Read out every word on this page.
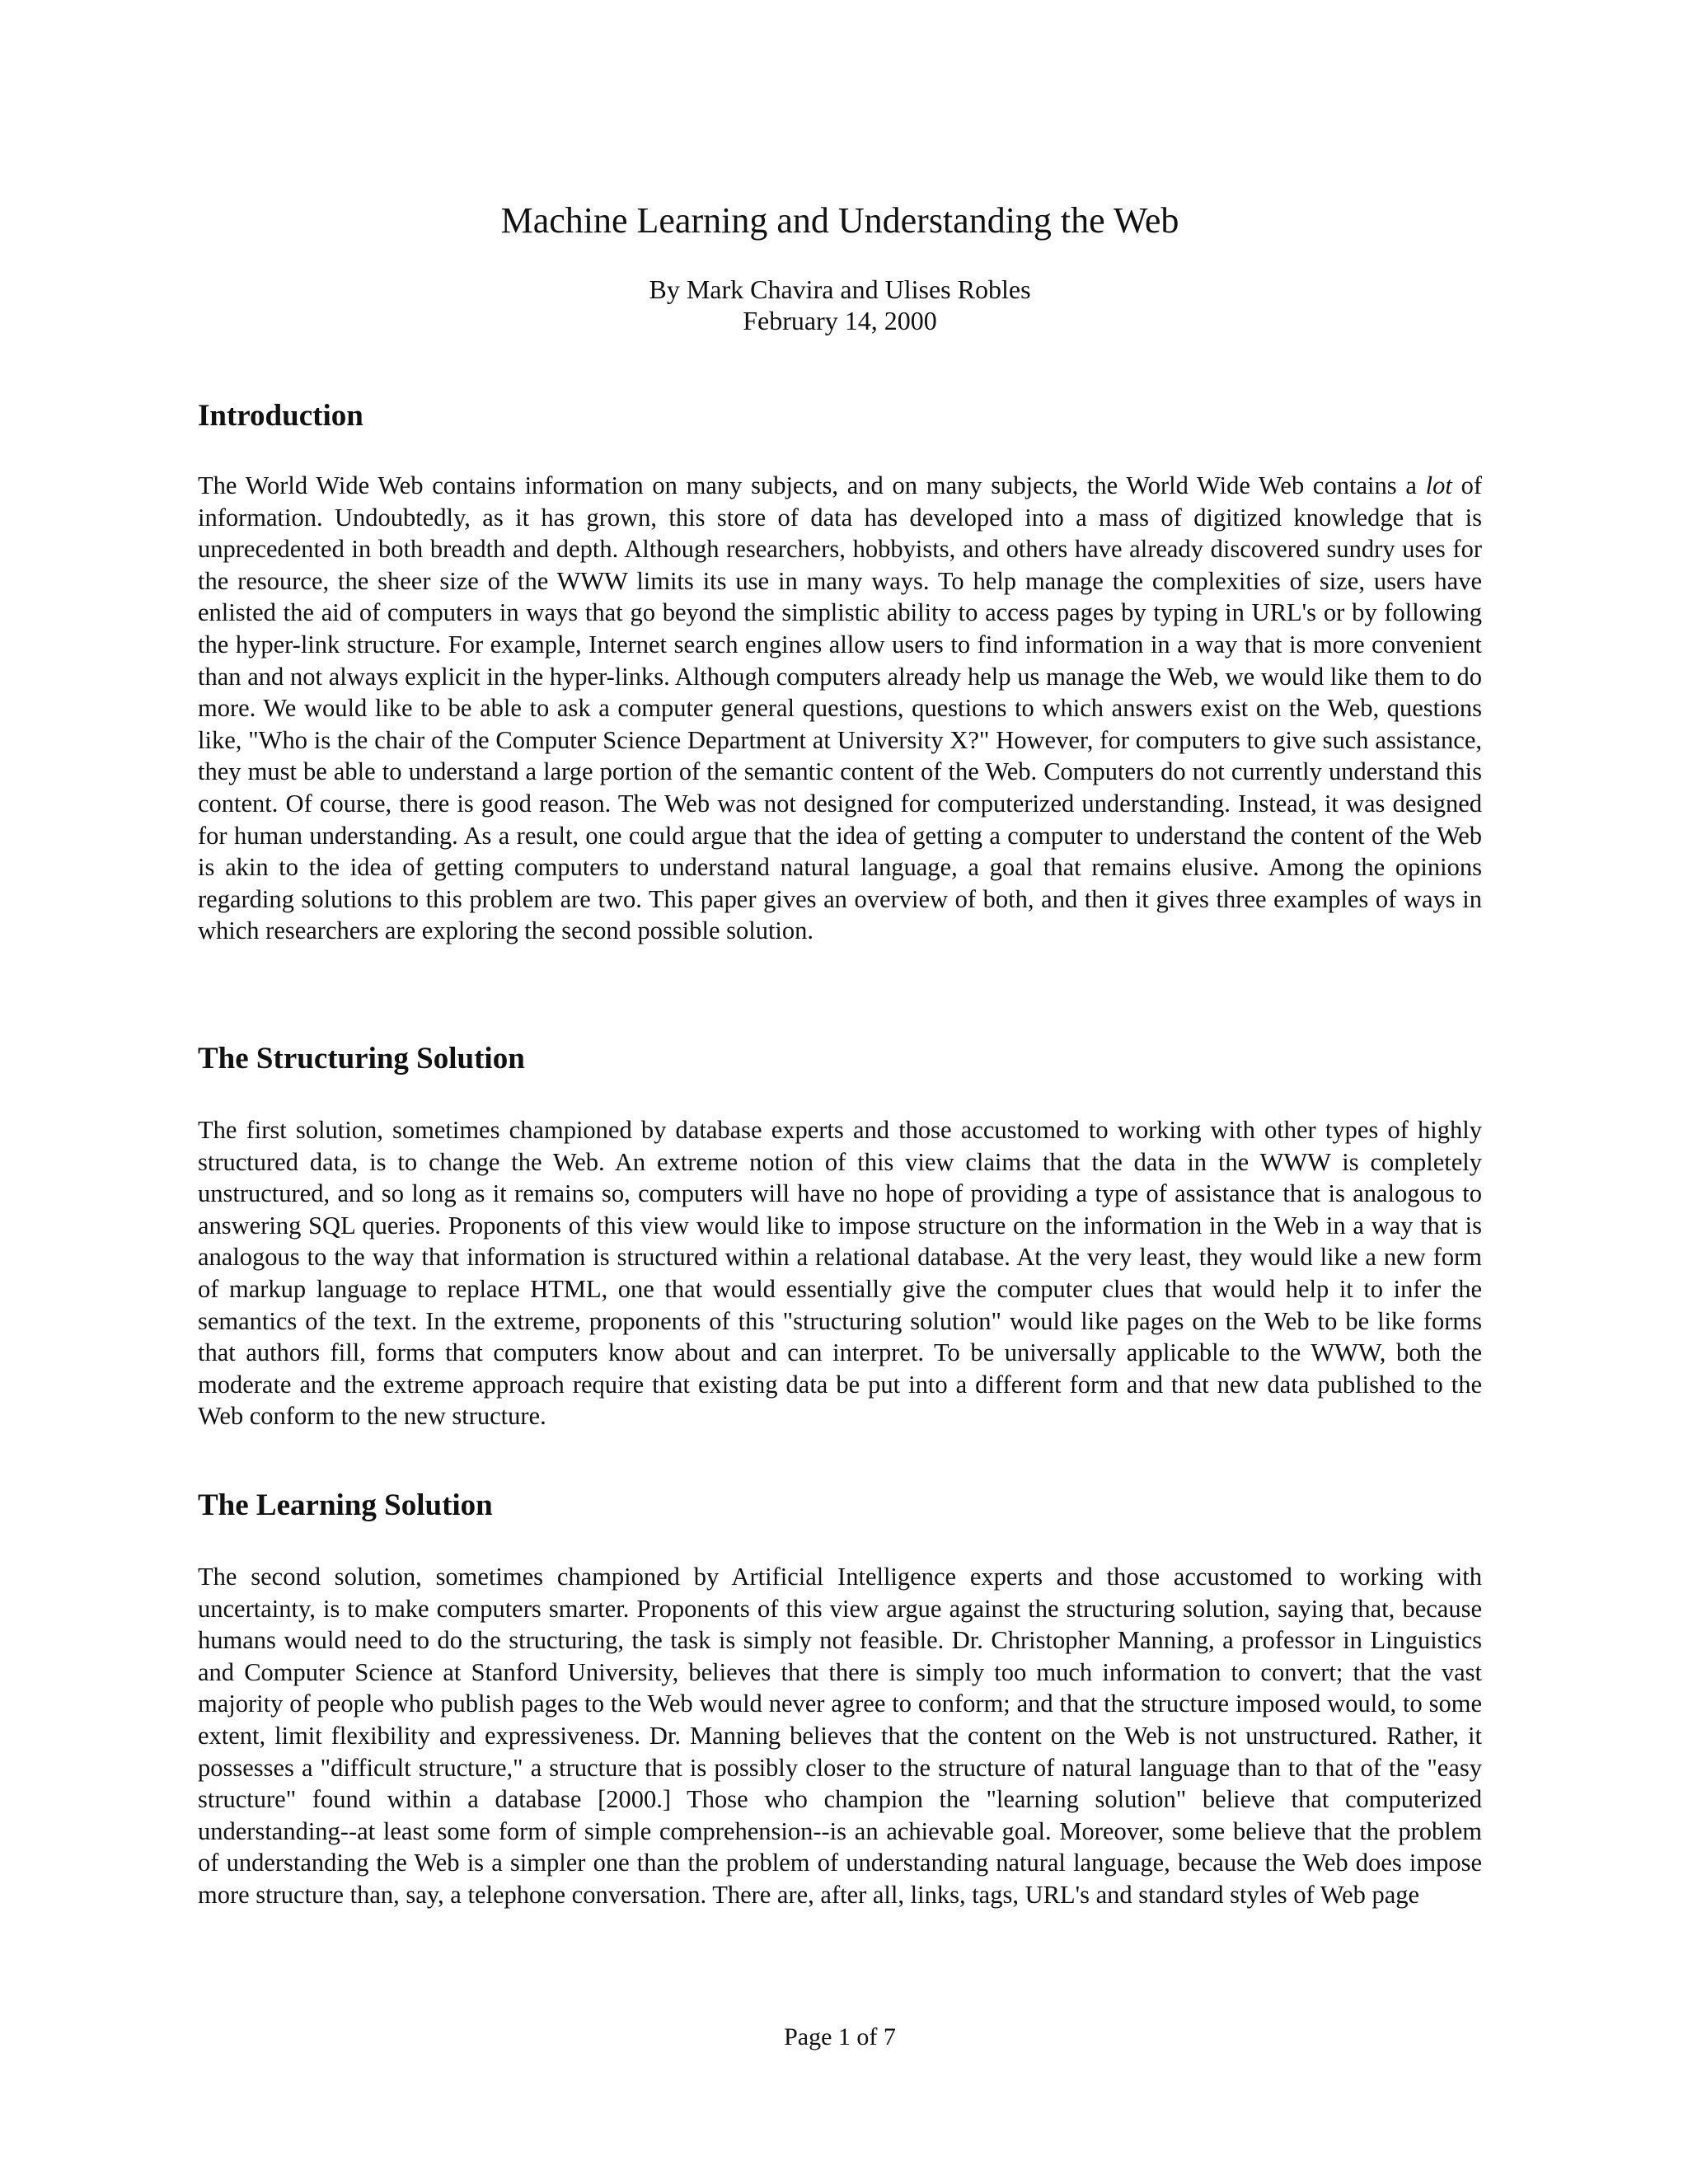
Machine Learning and Understanding the Web
By Mark Chavira and Ulises Robles
February 14, 2000
Introduction

The World Wide Web contains information on many subjects, and on many subjects, the World Wide Web contains a lot of information. Undoubtedly, as it has grown, this store of data has developed into a mass of digitized knowledge that is unprecedented in both breadth and depth. Although researchers, hobbyists, and others have already discovered sundry uses for the resource, the sheer size of the WWW limits its use in many ways. To help manage the complexities of size, users have enlisted the aid of computers in ways that go beyond the simplistic ability to access pages by typing in URL's or by following the hyper-link structure. For example, Internet search engines allow users to find information in a way that is more convenient than and not always explicit in the hyper-links. Although computers already help us manage the Web, we would like them to do more. We would like to be able to ask a computer general questions, questions to which answers exist on the Web, questions like, "Who is the chair of the Computer Science Department at University X?" However, for computers to give such assistance, they must be able to understand a large portion of the semantic content of the Web. Computers do not currently understand this content. Of course, there is good reason. The Web was not designed for computerized understanding. Instead, it was designed for human understanding. As a result, one could argue that the idea of getting a computer to understand the content of the Web is akin to the idea of getting computers to understand natural language, a goal that remains elusive. Among the opinions regarding solutions to this problem are two. This paper gives an overview of both, and then it gives three examples of ways in which researchers are exploring the second possible solution.

The Structuring Solution

The first solution, sometimes championed by database experts and those accustomed to working with other types of highly structured data, is to change the Web. An extreme notion of this view claims that the data in the WWW is completely unstructured, and so long as it remains so, computers will have no hope of providing a type of assistance that is analogous to answering SQL queries. Proponents of this view would like to impose structure on the information in the Web in a way that is analogous to the way that information is structured within a relational database. At the very least, they would like a new form of markup language to replace HTML, one that would essentially give the computer clues that would help it to infer the semantics of the text. In the extreme, proponents of this "structuring solution" would like pages on the Web to be like forms that authors fill, forms that computers know about and can interpret. To be universally applicable to the WWW, both the moderate and the extreme approach require that existing data be put into a different form and that new data published to the Web conform to the new structure.

The Learning Solution

The second solution, sometimes championed by Artificial Intelligence experts and those accustomed to working with uncertainty, is to make computers smarter. Proponents of this view argue against the structuring solution, saying that, because humans would need to do the structuring, the task is simply not feasible. Dr. Christopher Manning, a professor in Linguistics and Computer Science at Stanford University, believes that there is simply too much information to convert; that the vast majority of people who publish pages to the Web would never agree to conform; and that the structure imposed would, to some extent, limit flexibility and expressiveness. Dr. Manning believes that the content on the Web is not unstructured. Rather, it possesses a "difficult structure," a structure that is possibly closer to the structure of natural language than to that of the "easy structure" found within a database [2000.] Those who champion the "learning solution" believe that computerized understanding--at least some form of simple comprehension--is an achievable goal. Moreover, some believe that the problem of understanding the Web is a simpler one than the problem of understanding natural language, because the Web does impose more structure than, say, a telephone conversation. There are, after all, links, tags, URL's and standard styles of Web page

Page 1 of 7
